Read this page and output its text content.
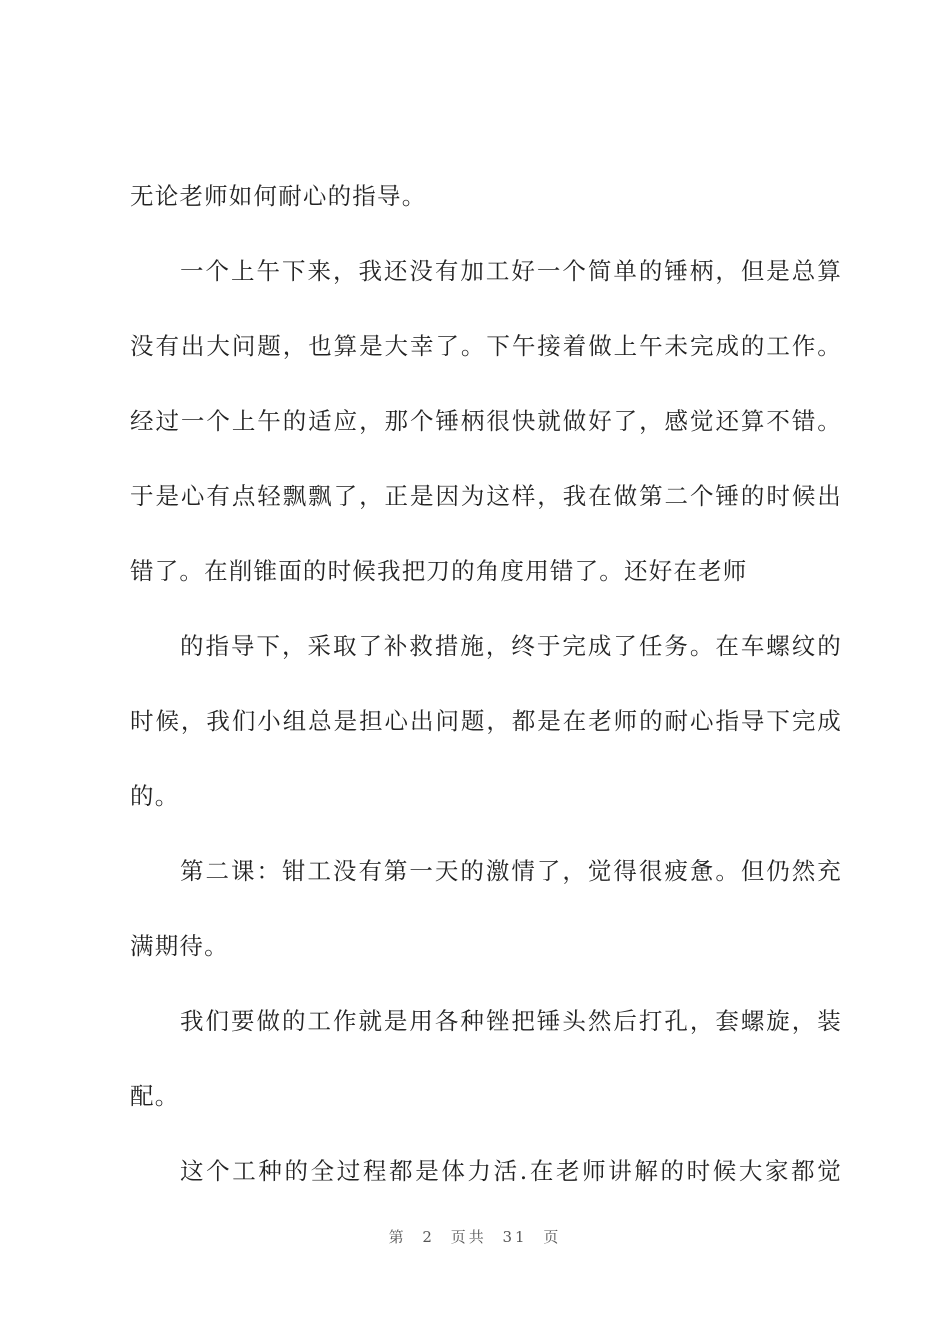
无论老师如何耐心的指导。
一个上午下来，我还没有加工好一个简单的锤柄，但是总算
没有出大问题，也算是大幸了。下午接着做上午未完成的工作。
经过一个上午的适应，那个锤柄很快就做好了，感觉还算不错。
于是心有点轻飘飘了，正是因为这样，我在做第二个锤的时候出
错了。在削锥面的时候我把刀的角度用错了。还好在老师
的指导下，采取了补救措施，终于完成了任务。在车螺纹的
时候，我们小组总是担心出问题，都是在老师的耐心指导下完成
的。
第二课：钳工没有第一天的激情了，觉得很疲惫。但仍然充
满期待。
我们要做的工作就是用各种锉把锤头然后打孔，套螺旋，装
配。
这个工种的全过程都是体力活.在老师讲解的时候大家都觉
第 2 页共 31 页
